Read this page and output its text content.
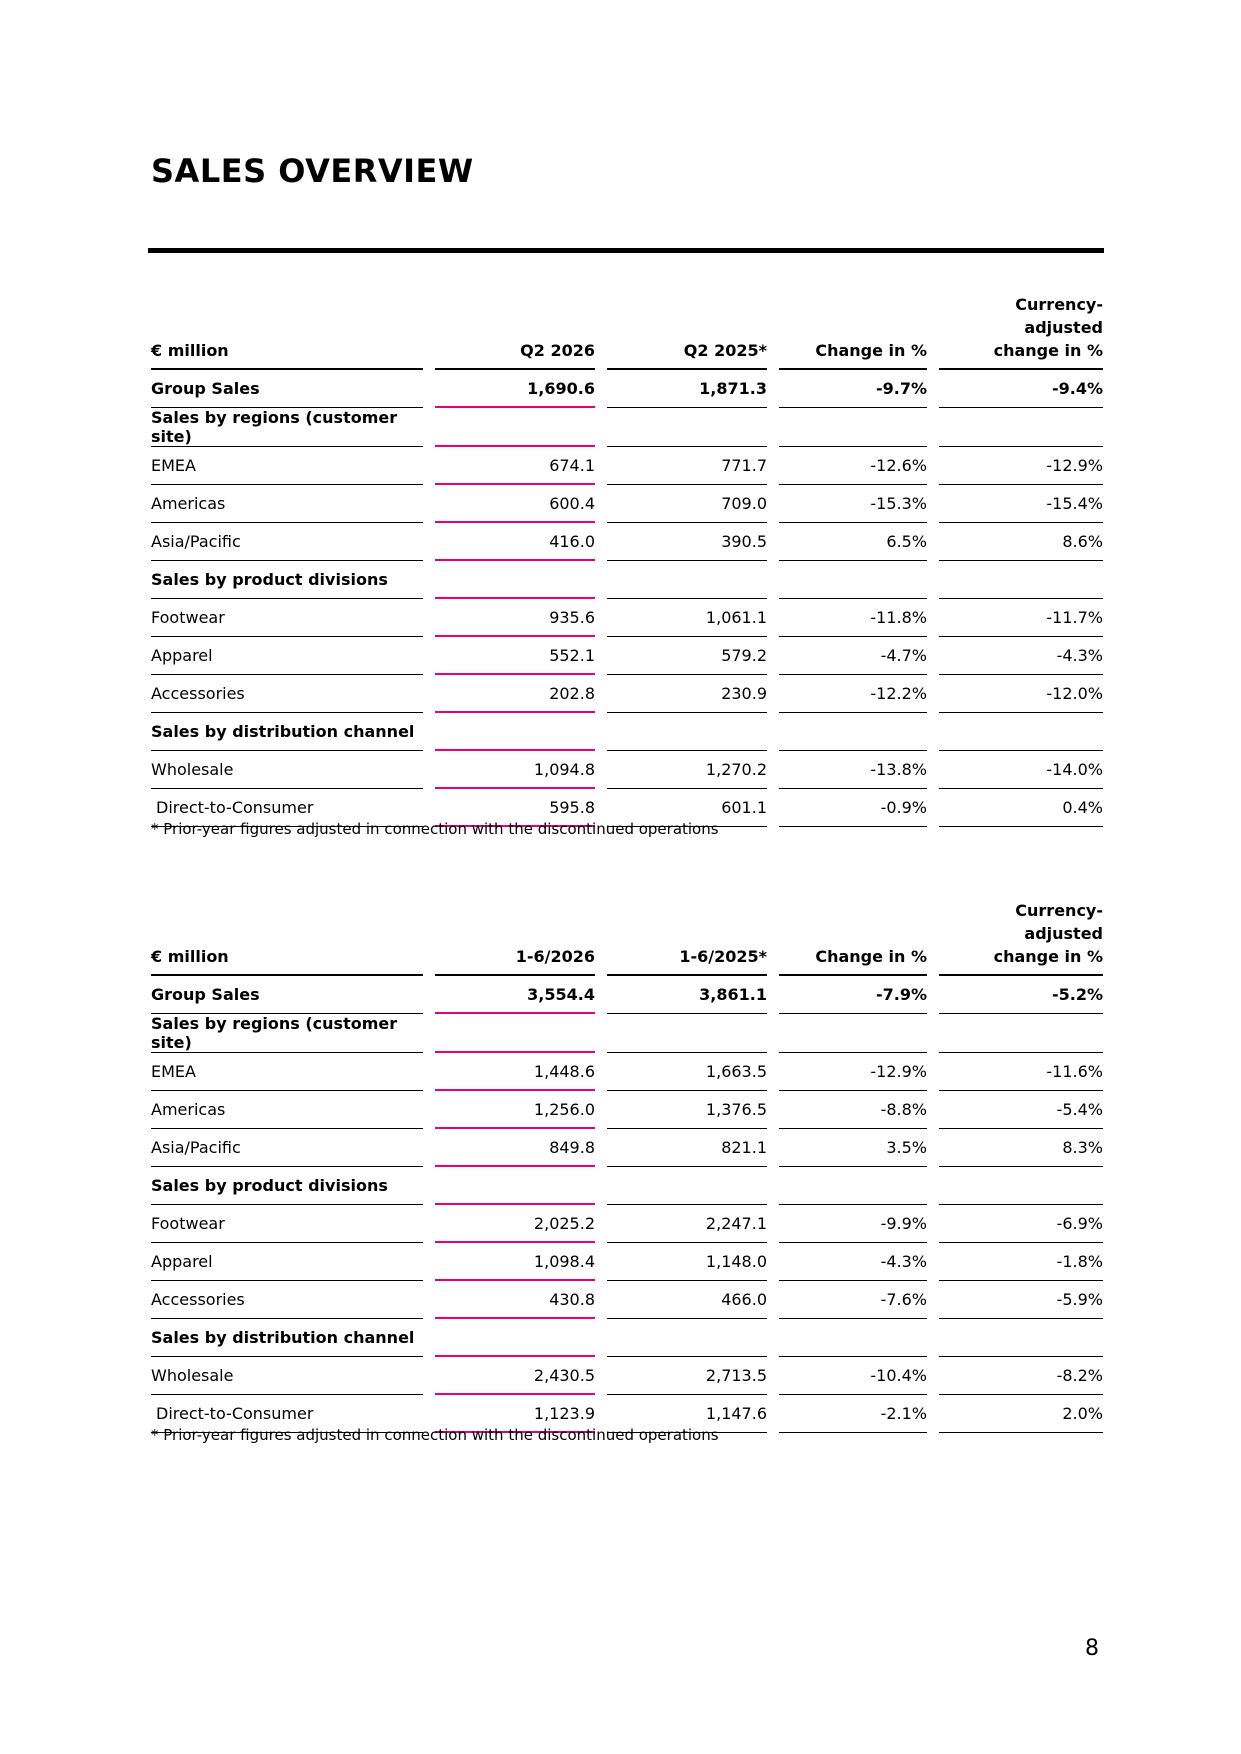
SALES OVERVIEW
€ million		Q2 2026		Q2 2025*		Change in %		Currency-adjusted
change in %
Group Sales		1,690.6		1,871.3		-9.7%		-9.4%
Sales by regions (customer site)								
EMEA		674.1		771.7		-12.6%		-12.9%
Americas		600.4		709.0		-15.3%		-15.4%
Asia/Pacific		416.0		390.5		6.5%		8.6%
Sales by product divisions								
Footwear		935.6		1,061.1		-11.8%		-11.7%
Apparel		552.1		579.2		-4.7%		-4.3%
Accessories		202.8		230.9		-12.2%		-12.0%
Sales by distribution channel								
Wholesale		1,094.8		1,270.2		-13.8%		-14.0%
Direct-to-Consumer		595.8		601.1		-0.9%		0.4%

* Prior-year figures adjusted in connection with the discontinued operations

€ million		1-6/2026		1-6/2025*		Change in %		Currency-adjusted
change in %
Group Sales		3,554.4		3,861.1		-7.9%		-5.2%
Sales by regions (customer site)								
EMEA		1,448.6		1,663.5		-12.9%		-11.6%
Americas		1,256.0		1,376.5		-8.8%		-5.4%
Asia/Pacific		849.8		821.1		3.5%		8.3%
Sales by product divisions								
Footwear		2,025.2		2,247.1		-9.9%		-6.9%
Apparel		1,098.4		1,148.0		-4.3%		-1.8%
Accessories		430.8		466.0		-7.6%		-5.9%
Sales by distribution channel								
Wholesale		2,430.5		2,713.5		-10.4%		-8.2%
Direct-to-Consumer		1,123.9		1,147.6		-2.1%		2.0%

* Prior-year figures adjusted in connection with the discontinued operations

8
